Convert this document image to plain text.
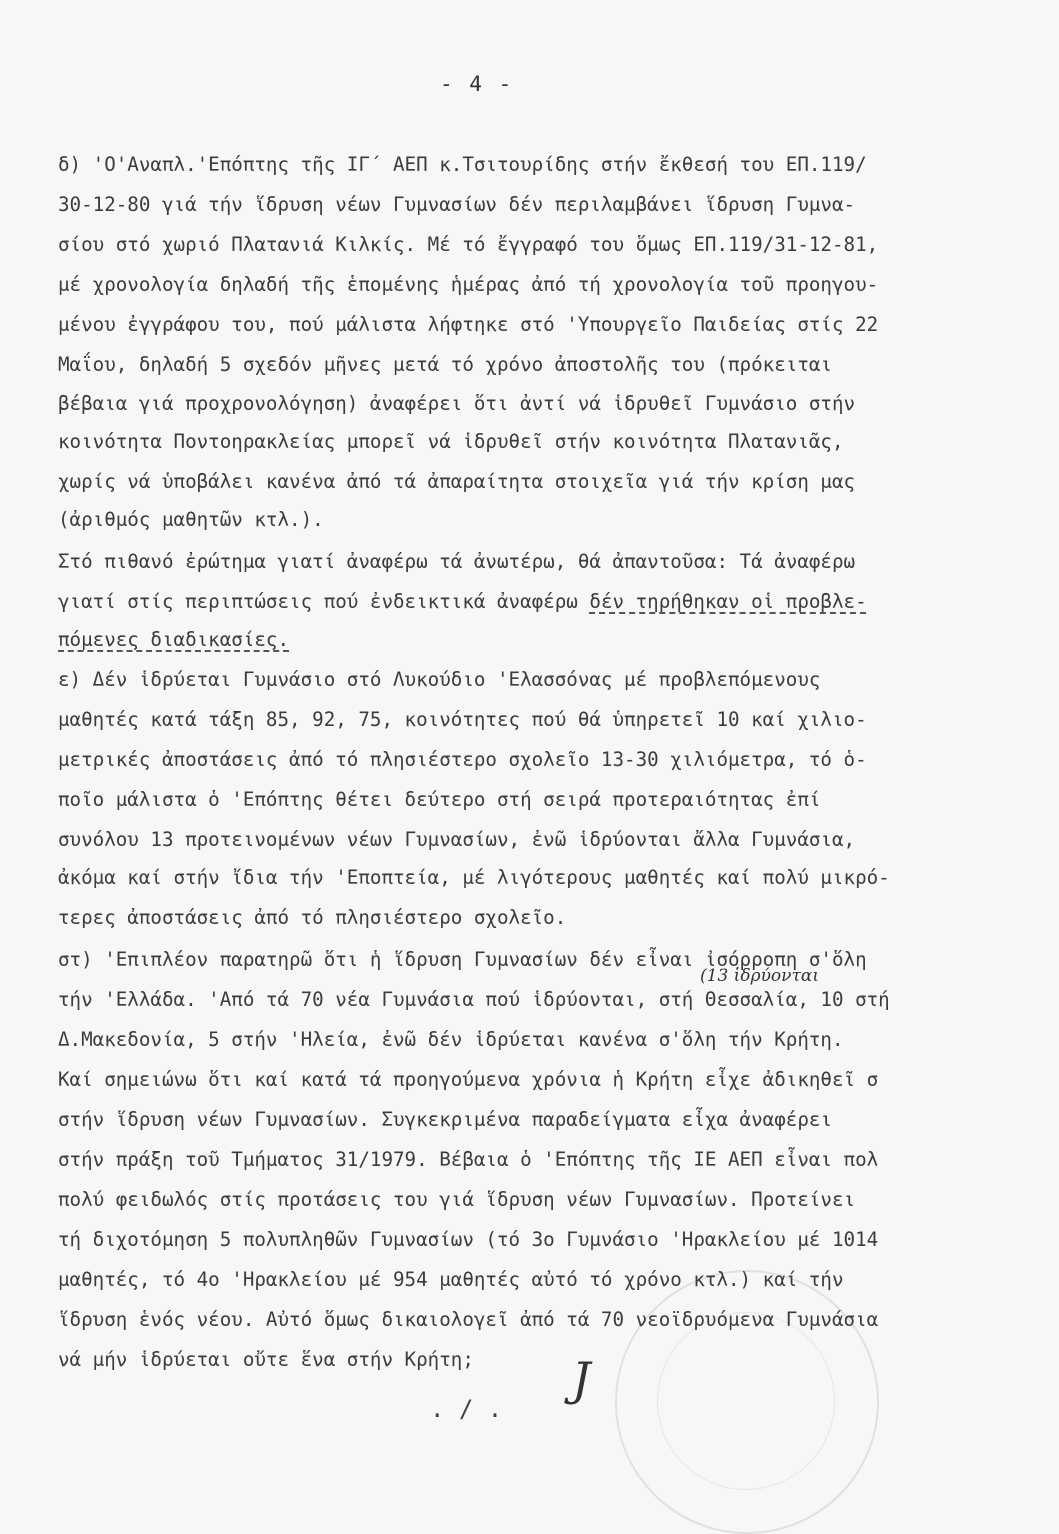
- 4 -
δ) 'Ο'Αναπλ.'Επόπτης τῆς ΙΓ΄ ΑΕΠ κ.Τσιτουρίδης στήν ἔκθεσή του ΕΠ.119/
30-12-80 γιά τήν ἵδρυση νέων Γυμνασίων δέν περιλαμβάνει ἵδρυση Γυμνα-
σίου στό χωριό Πλατανιά Κιλκίς. Μέ τό ἔγγραφό του ὅμως ΕΠ.119/31-12-81,
μέ χρονολογία δηλαδή τῆς ἑπομένης ἡμέρας ἀπό τή χρονολογία τοῦ προηγου-
μένου ἐγγράφου του, πού μάλιστα λήφτηκε στό 'Υπουργεῖο Παιδείας στίς 22
Μαΐου, δηλαδή 5 σχεδόν μῆνες μετά τό χρόνο ἀποστολῆς του (πρόκειται
βέβαια γιά προχρονολόγηση) ἀναφέρει ὅτι ἀντί νά ἱδρυθεῖ Γυμνάσιο στήν
κοινότητα Ποντοηρακλείας μπορεῖ νά ἱδρυθεῖ στήν κοινότητα Πλατανιᾶς,
χωρίς νά ὑποβάλει κανένα ἀπό τά ἀπαραίτητα στοιχεῖα γιά τήν κρίση μας
(ἀριθμός μαθητῶν κτλ.).
Στό πιθανό ἐρώτημα γιατί ἀναφέρω τά ἀνωτέρω, θά ἀπαντοῦσα: Τά ἀναφέρω
γιατί στίς περιπτώσεις πού ἐνδεικτικά ἀναφέρω δέν τηρήθηκαν οἱ προβλε-
πόμενες διαδικασίες.
ε) Δέν ἱδρύεται Γυμνάσιο στό Λυκούδιο 'Ελασσόνας μέ προβλεπόμενους
μαθητές κατά τάξη 85, 92, 75, κοινότητες πού θά ὑπηρετεῖ 10 καί χιλιο-
μετρικές ἀποστάσεις ἀπό τό πλησιέστερο σχολεῖο 13-30 χιλιόμετρα, τό ὁ-
ποῖο μάλιστα ὁ 'Επόπτης θέτει δεύτερο στή σειρά προτεραιότητας ἐπί
συνόλου 13 προτεινομένων νέων Γυμνασίων, ἐνῶ ἱδρύονται ἄλλα Γυμνάσια,
ἀκόμα καί στήν ἴδια τήν 'Εποπτεία, μέ λιγότερους μαθητές καί πολύ μικρό-
τερες ἀποστάσεις ἀπό τό πλησιέστερο σχολεῖο.
στ) 'Επιπλέον παρατηρῶ ὅτι ἡ ἵδρυση Γυμνασίων δέν εἶναι ἰσόρροπη σ'ὅλη
(13 ἱδρύονται
τήν 'Ελλάδα. 'Από τά 70 νέα Γυμνάσια πού ἱδρύονται, στή Θεσσαλία, 10 στή
Δ.Μακεδονία, 5 στήν 'Ηλεία, ἐνῶ δέν ἱδρύεται κανένα σ'ὅλη τήν Κρήτη.
Καί σημειώνω ὅτι καί κατά τά προηγούμενα χρόνια ἡ Κρήτη εἶχε ἀδικηθεῖ σ
στήν ἵδρυση νέων Γυμνασίων. Συγκεκριμένα παραδείγματα εἶχα ἀναφέρει
στήν πράξη τοῦ Τμήματος 31/1979. Βέβαια ὁ 'Επόπτης τῆς ΙΕ ΑΕΠ εἶναι πολ
πολύ φειδωλός στίς προτάσεις του γιά ἵδρυση νέων Γυμνασίων. Προτείνει
τή διχοτόμηση 5 πολυπληθῶν Γυμνασίων (τό 3ο Γυμνάσιο 'Ηρακλείου μέ 1014
μαθητές, τό 4ο 'Ηρακλείου μέ 954 μαθητές αὐτό τό χρόνο κτλ.) καί τήν
ἵδρυση ἑνός νέου. Αὐτό ὅμως δικαιολογεῖ ἀπό τά 70 νεοϊδρυόμενα Γυμνάσια
νά μήν ἱδρύεται οὔτε ἕνα στήν Κρήτη; J
. / .
